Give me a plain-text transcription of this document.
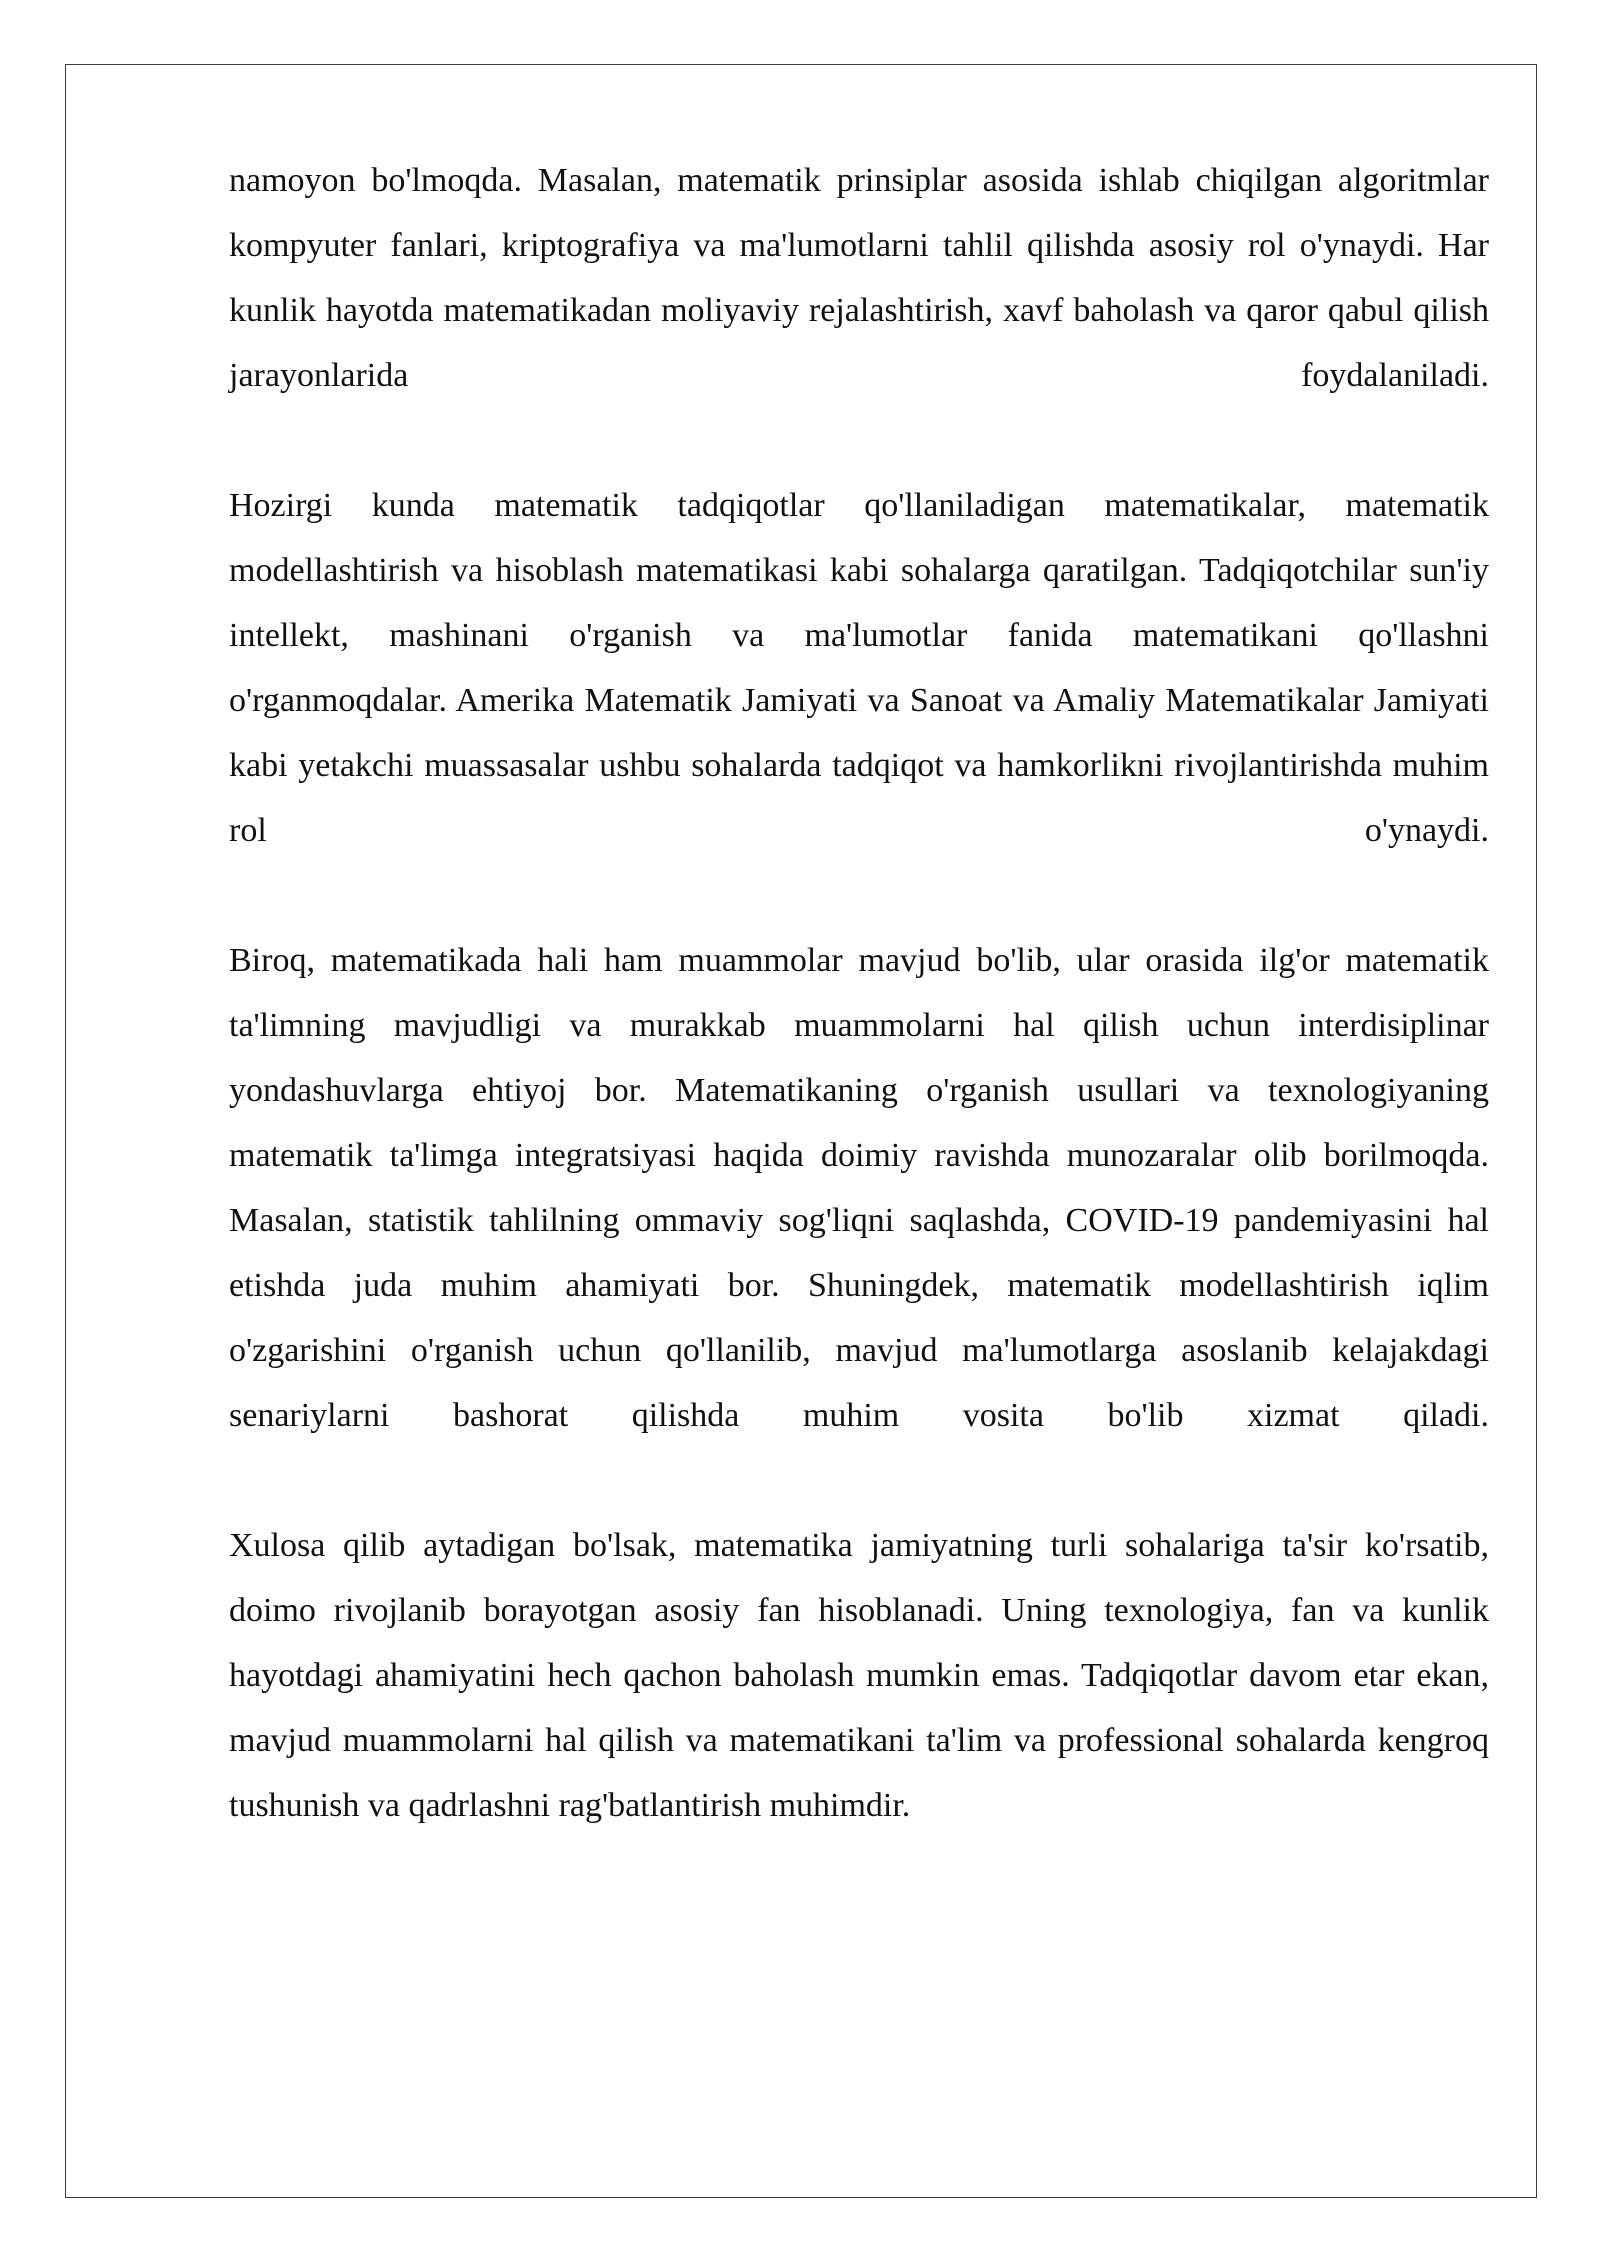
namoyon bo'lmoqda. Masalan, matematik prinsiplar asosida ishlab chiqilgan algoritmlar kompyuter fanlari, kriptografiya va ma'lumotlarni tahlil qilishda asosiy rol o'ynaydi. Har kunlik hayotda matematikadan moliyaviy rejalashtirish, xavf baholash va qaror qabul qilish jarayonlarida foydalaniladi.

Hozirgi kunda matematik tadqiqotlar qo'llaniladigan matematikalar, matematik modellashtirish va hisoblash matematikasi kabi sohalarga qaratilgan. Tadqiqotchilar sun'iy intellekt, mashinani o'rganish va ma'lumotlar fanida matematikani qo'llashni o'rganmoqdalar. Amerika Matematik Jamiyati va Sanoat va Amaliy Matematikalar Jamiyati kabi yetakchi muassasalar ushbu sohalarda tadqiqot va hamkorlikni rivojlantirishda muhim rol o'ynaydi.

Biroq, matematikada hali ham muammolar mavjud bo'lib, ular orasida ilg'or matematik ta'limning mavjudligi va murakkab muammolarni hal qilish uchun interdisiplinar yondashuvlarga ehtiyoj bor. Matematikaning o'rganish usullari va texnologiyaning matematik ta'limga integratsiyasi haqida doimiy ravishda munozaralar olib borilmoqda. Masalan, statistik tahlilning ommaviy sog'liqni saqlashda, COVID-19 pandemiyasini hal etishda juda muhim ahamiyati bor. Shuningdek, matematik modellashtirish iqlim o'zgarishini o'rganish uchun qo'llanilib, mavjud ma'lumotlarga asoslanib kelajakdagi senariylarni bashorat qilishda muhim vosita bo'lib xizmat qiladi.

Xulosa qilib aytadigan bo'lsak, matematika jamiyatning turli sohalariga ta'sir ko'rsatib, doimo rivojlanib borayotgan asosiy fan hisoblanadi. Uning texnologiya, fan va kunlik hayotdagi ahamiyatini hech qachon baholash mumkin emas. Tadqiqotlar davom etar ekan, mavjud muammolarni hal qilish va matematikani ta'lim va professional sohalarda kengroq tushunish va qadrlashni rag'batlantirish muhimdir.
